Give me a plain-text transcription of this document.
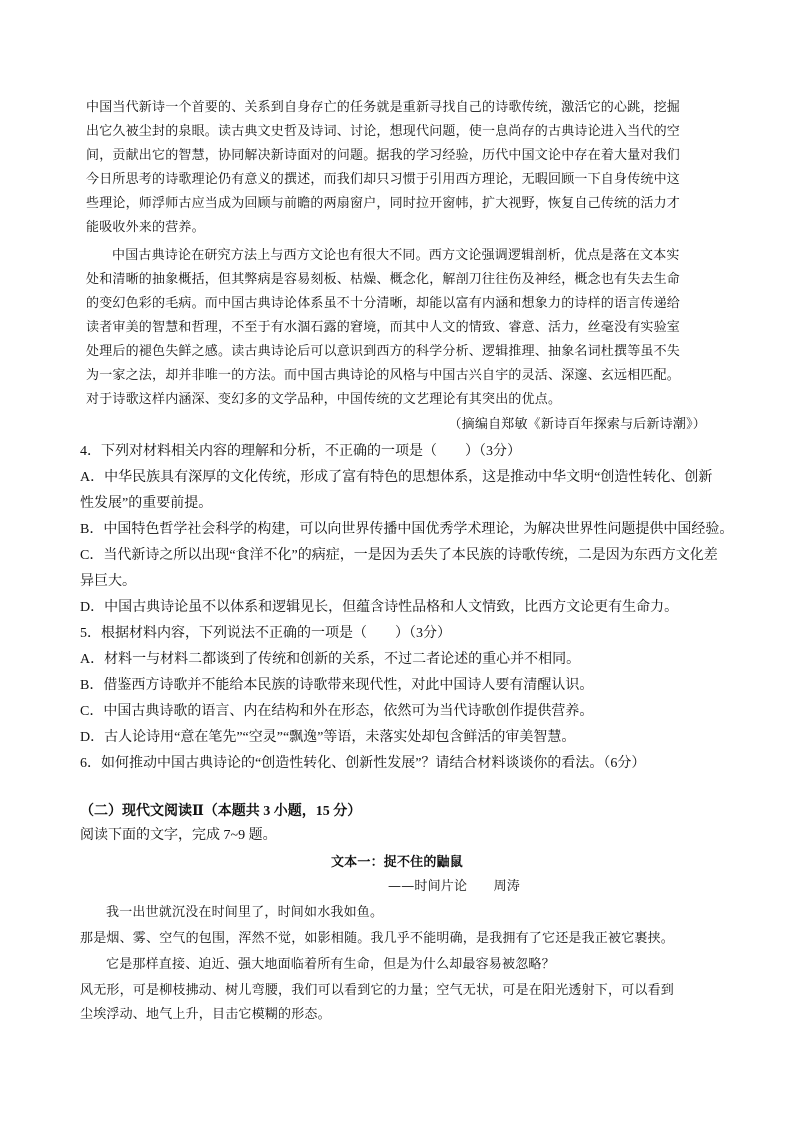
中国当代新诗一个首要的、关系到自身存亡的任务就是重新寻找自己的诗歌传统，激活它的心跳，挖掘
出它久被尘封的泉眼。读古典文史哲及诗词、讨论，想现代问题，使一息尚存的古典诗论进入当代的空
间，贡献出它的智慧，协同解决新诗面对的问题。据我的学习经验，历代中国文论中存在着大量对我们
今日所思考的诗歌理论仍有意义的撰述，而我们却只习惯于引用西方理论，无暇回顾一下自身传统中这
些理论，师浮师古应当成为回顾与前瞻的两扇窗户，同时拉开窗帏，扩大视野，恢复自己传统的活力才
能吸收外来的营养。
中国古典诗论在研究方法上与西方文论也有很大不同。西方文论强调逻辑剖析，优点是落在文本实
处和清晰的抽象概括，但其弊病是容易刻板、枯燥、概念化，解剖刀往往伤及神经，概念也有失去生命
的变幻色彩的毛病。而中国古典诗论体系虽不十分清晰，却能以富有内涵和想象力的诗样的语言传递给
读者审美的智慧和哲理，不至于有水涸石露的窘境，而其中人文的情致、睿意、活力，丝毫没有实验室
处理后的褪色失鲜之感。读古典诗论后可以意识到西方的科学分析、逻辑推理、抽象名词杜撰等虽不失
为一家之法，却并非唯一的方法。而中国古典诗论的风格与中国古兴自宇的灵活、深邃、玄远相匹配。
对于诗歌这样内涵深、变幻多的文学品种，中国传统的文艺理论有其突出的优点。
（摘编自郑敏《新诗百年探索与后新诗潮》）
4．下列对材料相关内容的理解和分析，不正确的一项是（　　）（3分）
A．中华民族具有深厚的文化传统，形成了富有特色的思想体系，这是推动中华文明“创造性转化、创新
性发展”的重要前提。
B．中国特色哲学社会科学的构建，可以向世界传播中国优秀学术理论，为解决世界性问题提供中国经验。
C．当代新诗之所以出现“食洋不化”的病症，一是因为丢失了本民族的诗歌传统，二是因为东西方文化差
异巨大。
D．中国古典诗论虽不以体系和逻辑见长，但蕴含诗性品格和人文情致，比西方文论更有生命力。
5．根据材料内容，下列说法不正确的一项是（　　）（3分）
A．材料一与材料二都谈到了传统和创新的关系，不过二者论述的重心并不相同。
B．借鉴西方诗歌并不能给本民族的诗歌带来现代性，对此中国诗人要有清醒认识。
C．中国古典诗歌的语言、内在结构和外在形态，依然可为当代诗歌创作提供营养。
D．古人论诗用“意在笔先”“空灵”“飘逸”等语，未落实处却包含鲜活的审美智慧。
6．如何推动中国古典诗论的“创造性转化、创新性发展”？请结合材料谈谈你的看法。（6分）
（二）现代文阅读Ⅱ（本题共 3 小题，15 分）
阅读下面的文字，完成 7~9 题。
文本一：捉不住的鼬鼠
——时间片论　　周涛
我一出世就沉没在时间里了，时间如水我如鱼。
那是烟、雾、空气的包围，浑然不觉，如影相随。我几乎不能明确，是我拥有了它还是我正被它裹挟。
它是那样直接、迫近、强大地面临着所有生命，但是为什么却最容易被忽略？
风无形，可是柳枝拂动、树儿弯腰，我们可以看到它的力量；空气无状，可是在阳光透射下，可以看到
尘埃浮动、地气上升，目击它模糊的形态。
